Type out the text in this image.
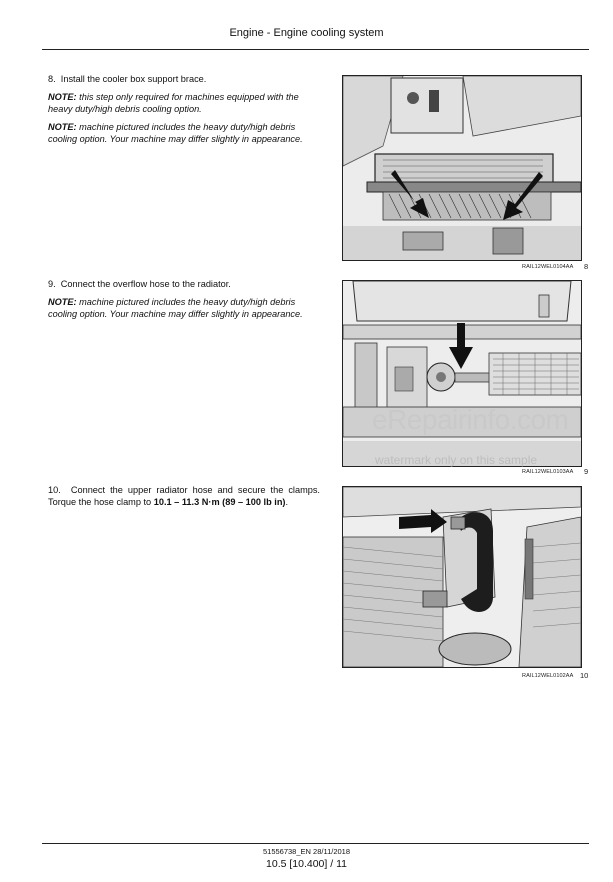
Engine - Engine cooling system

8. Install the cooler box support brace.

NOTE: this step only required for machines equipped with the heavy duty/high debris cooling option.

NOTE: machine pictured includes the heavy duty/high debris cooling option. Your machine may differ slightly in appearance.

RAIL12WEL0104AA 8

9. Connect the overflow hose to the radiator.

NOTE: machine pictured includes the heavy duty/high debris cooling option. Your machine may differ slightly in appearance.

RAIL12WEL0103AA 9

10. Connect the upper radiator hose and secure the clamps. Torque the hose clamp to 10.1 – 11.3 N·m (89 – 100 lb in).

RAIL12WEL0102AA 10
eRepairinfo.com
watermark only on this sample
51556738_EN 28/11/2018
10.5 [10.400] / 11
